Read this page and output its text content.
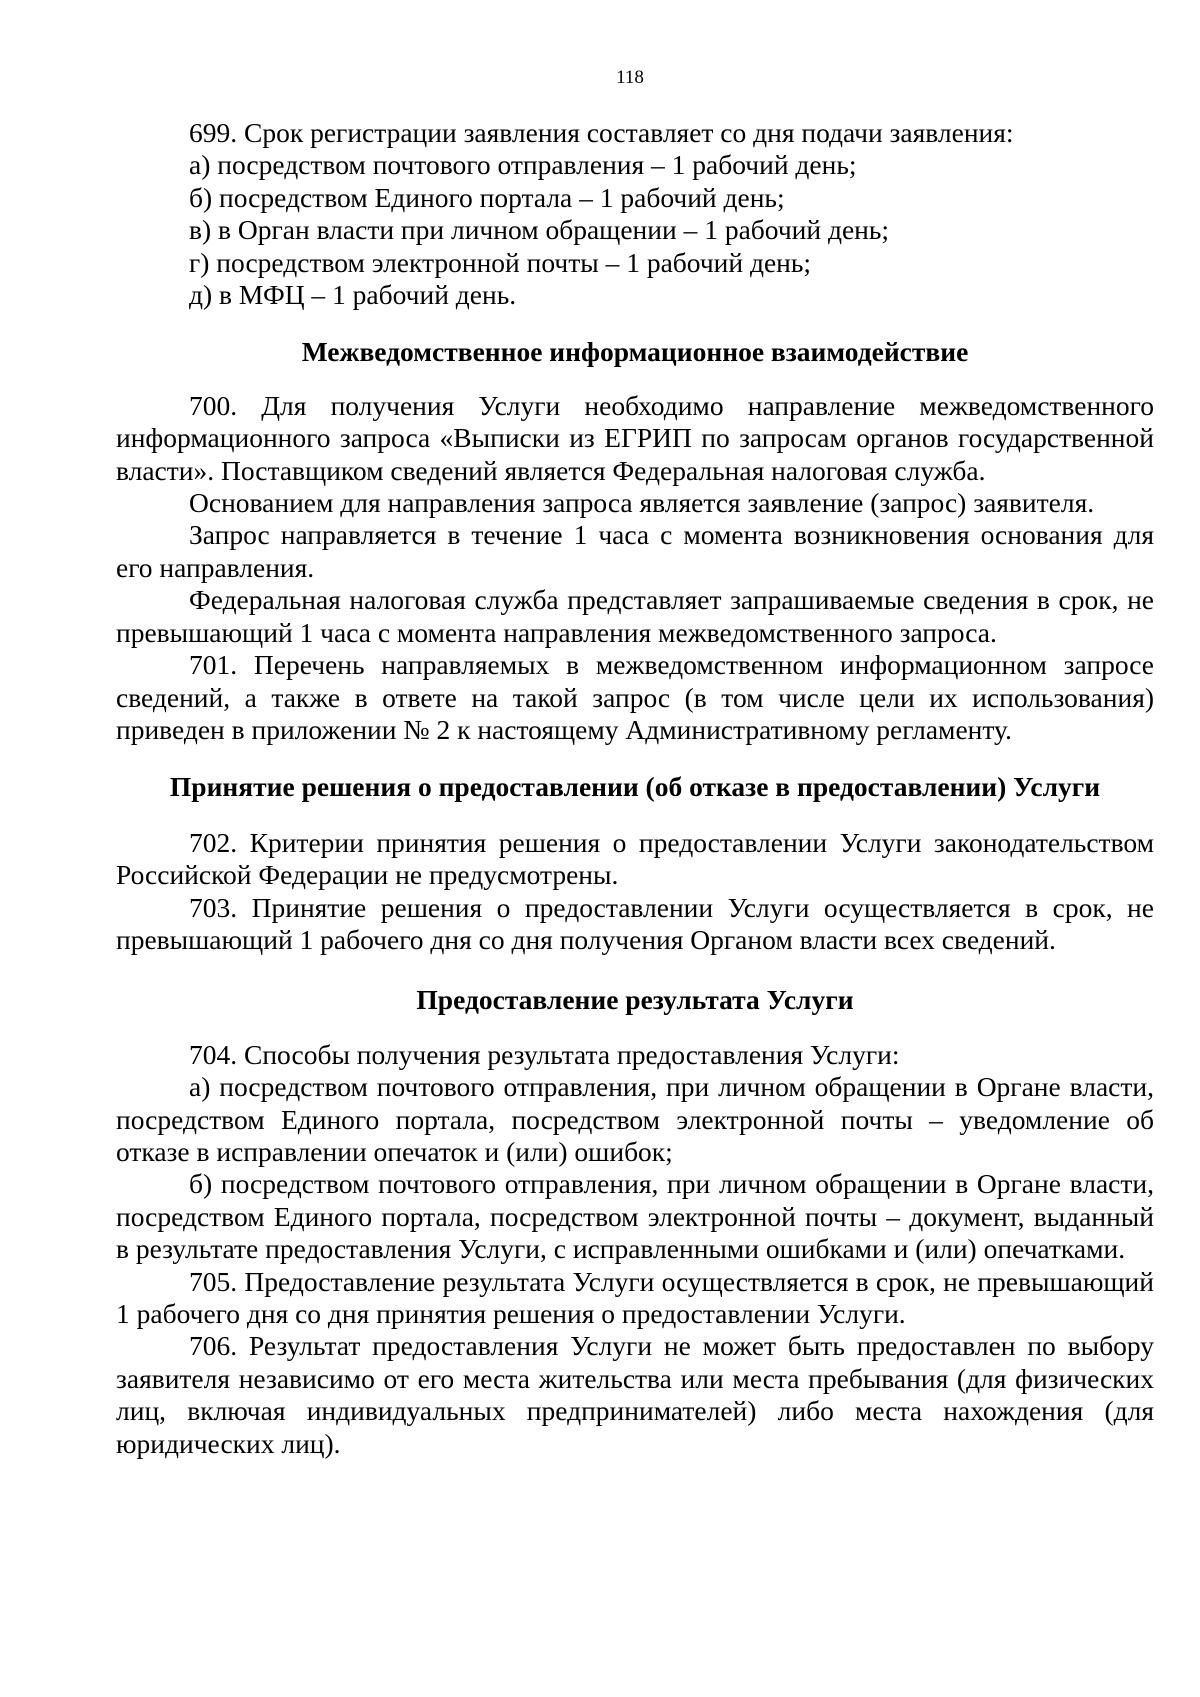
118

699. Срок регистрации заявления составляет со дня подачи заявления:

а) посредством почтового отправления – 1 рабочий день;

б) посредством Единого портала – 1 рабочий день;

в) в Орган власти при личном обращении – 1 рабочий день;

г) посредством электронной почты – 1 рабочий день;

д) в МФЦ – 1 рабочий день.

Межведомственное информационное взаимодействие

700. Для получения Услуги необходимо направление межведомственного информационного запроса «Выписки из ЕГРИП по запросам органов государственной власти». Поставщиком сведений является Федеральная налоговая служба.

Основанием для направления запроса является заявление (запрос) заявителя.

Запрос направляется в течение 1 часа с момента возникновения основания для его направления.

Федеральная налоговая служба представляет запрашиваемые сведения в срок, не превышающий 1 часа с момента направления межведомственного запроса.

701. Перечень направляемых в межведомственном информационном запросе сведений, а также в ответе на такой запрос (в том числе цели их использования) приведен в приложении № 2 к настоящему Административному регламенту.

Принятие решения о предоставлении (об отказе в предоставлении) Услуги

702. Критерии принятия решения о предоставлении Услуги законодательством Российской Федерации не предусмотрены.

703. Принятие решения о предоставлении Услуги осуществляется в срок, не превышающий 1 рабочего дня со дня получения Органом власти всех сведений.

Предоставление результата Услуги

704. Способы получения результата предоставления Услуги:

а) посредством почтового отправления, при личном обращении в Органе власти, посредством Единого портала, посредством электронной почты – уведомление об отказе в исправлении опечаток и (или) ошибок;

б) посредством почтового отправления, при личном обращении в Органе власти, посредством Единого портала, посредством электронной почты – документ, выданный в результате предоставления Услуги, с исправленными ошибками и (или) опечатками.

705. Предоставление результата Услуги осуществляется в срок, не превышающий 1 рабочего дня со дня принятия решения о предоставлении Услуги.

706. Результат предоставления Услуги не может быть предоставлен по выбору заявителя независимо от его места жительства или места пребывания (для физических лиц, включая индивидуальных предпринимателей) либо места нахождения (для юридических лиц).
